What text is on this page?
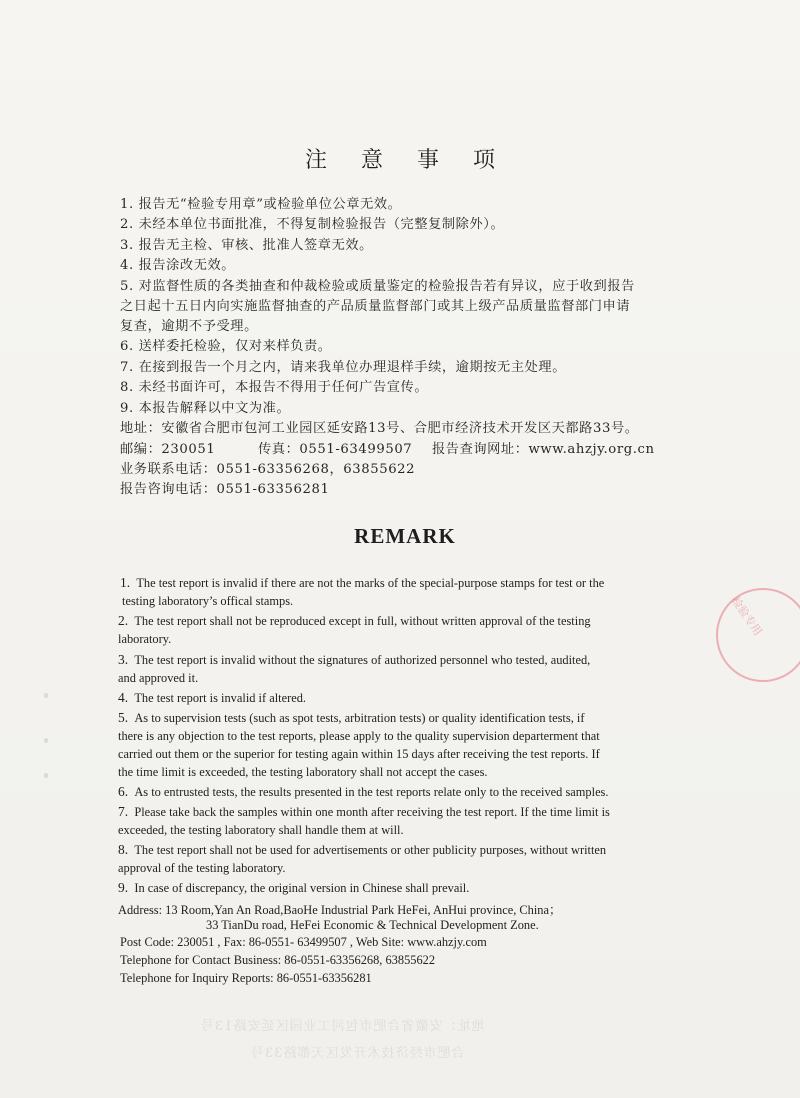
注意事项
1. 报告无“检验专用章”或检验单位公章无效。
2. 未经本单位书面批准，不得复制检验报告（完整复制除外）。
3. 报告无主检、审核、批准人签章无效。
4. 报告涂改无效。
5. 对监督性质的各类抽查和仲裁检验或质量鉴定的检验报告若有异议，应于收到报告
之日起十五日内向实施监督抽查的产品质量监督部门或其上级产品质量监督部门申请
复查，逾期不予受理。
6. 送样委托检验，仅对来样负责。
7. 在接到报告一个月之内，请来我单位办理退样手续，逾期按无主处理。
8. 未经书面许可，本报告不得用于任何广告宣传。
9. 本报告解释以中文为准。
地址：安徽省合肥市包河工业园区延安路13号、合肥市经济技术开发区天都路33号。
邮编：230051	传真：0551-63499507 报告查询网址：www.ahzjy.org.cn
业务联系电话：0551-63356268，63855622
报告咨询电话：0551-63356281
REMARK
1. The test report is invalid if there are not the marks of the special-purpose stamps for test or the
testing laboratory’s offical stamps.
2. The test report shall not be reproduced except in full, without written approval of the testing
laboratory.
3. The test report is invalid without the signatures of authorized personnel who tested, audited,
and approved it.
4. The test report is invalid if altered.
5. As to supervision tests (such as spot tests, arbitration tests) or quality identification tests, if
there is any objection to the test reports, please apply to the quality supervision departerment that
carried out them or the superior for testing again within 15 days after receiving the test reports. If
the time limit is exceeded, the testing laboratory shall not accept the cases.
6. As to entrusted tests, the results presented in the test reports relate only to the received samples.
7. Please take back the samples within one month after receiving the test report. If the time limit is
exceeded, the testing laboratory shall handle them at will.
8. The test report shall not be used for advertisements or other publicity purposes, without written
approval of the testing laboratory.
9. In case of discrepancy, the original version in Chinese shall prevail.
Address: 13 Room,Yan An Road,BaoHe Industrial Park HeFei, AnHui province, China；
33 TianDu road, HeFei Economic & Technical Development Zone.
Post Code: 230051 , Fax: 86-0551- 63499507 , Web Site: www.ahzjy.com
Telephone for Contact Business: 86-0551-63356268, 63855622
Telephone for Inquiry Reports: 86-0551-63356281
检验专用
地址：安徽省合肥市包河工业园区延安路13号
合肥市经济技术开发区天都路33号
